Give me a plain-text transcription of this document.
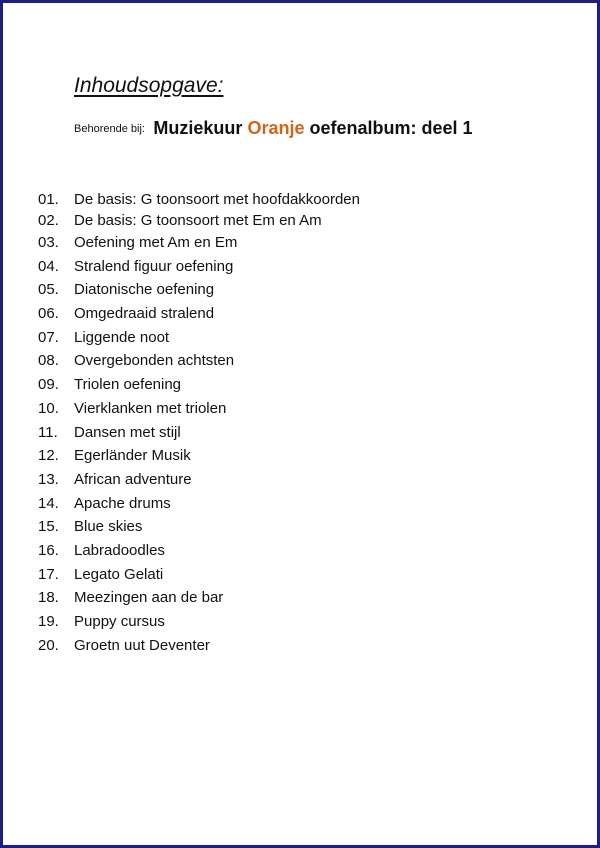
Inhoudsopgave:
Behorende bij: Muziekuur Oranje oefenalbum: deel 1
01.	De basis: G toonsoort met hoofdakkoorden
02.	De basis: G toonsoort met Em en Am
03.	Oefening met Am en Em
04.	Stralend figuur oefening
05.	Diatonische oefening
06.	Omgedraaid stralend
07.	Liggende noot
08.	Overgebonden achtsten
09.	Triolen oefening
10.	Vierklanken met triolen
11.	Dansen met stijl
12.	Egerländer Musik
13.	African adventure
14.	Apache drums
15.	Blue skies
16.	Labradoodles
17.	Legato Gelati
18.	Meezingen aan de bar
19.	Puppy cursus
20.	Groetn uut Deventer
